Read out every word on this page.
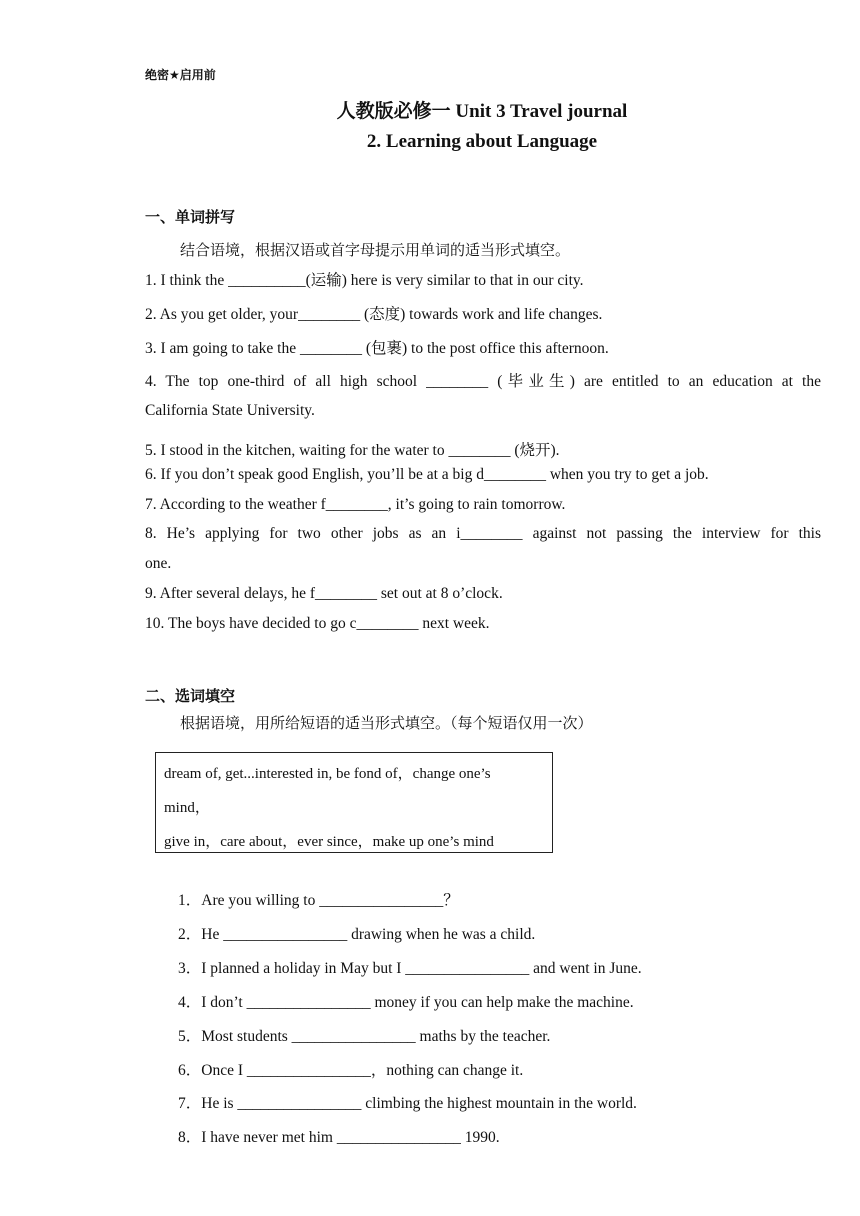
绝密★启用前
人教版必修一 Unit 3 Travel journal
2. Learning about Language
一、单词拼写
结合语境，根据汉语或首字母提示用单词的适当形式填空。
1. I think the __________(运输) here is very similar to that in our city.
2. As you get older, your________ (态度) towards work and life changes.
3. I am going to take the ________ (包裹) to the post office this afternoon.
4. The top one-third of all high school ________ (毕业生) are entitled to an education at the
California State University.
5. I stood in the kitchen, waiting for the water to ________ (烧开).
6. If you don’t speak good English, you’ll be at a big d________ when you try to get a job.
7. According to the weather f________, it’s going to rain tomorrow.
8. He’s applying for two other jobs as an i________ against not passing the interview for this
one.
9. After several delays, he f________ set out at 8 o’clock.
10. The boys have decided to go c________ next week.
二、选词填空
根据语境，用所给短语的适当形式填空。（每个短语仅用一次）
dream of, get...interested in, be fond of，change one’s
mind，
give in，care about，ever since，make up one’s mind
1．Are you willing to ________________？
2．He ________________ drawing when he was a child.
3．I planned a holiday in May but I ________________ and went in June.
4．I don’t ________________ money if you can help make the machine.
5．Most students ________________ maths by the teacher.
6．Once I ________________，nothing can change it.
7．He is ________________ climbing the highest mountain in the world.
8．I have never met him ________________ 1990.
